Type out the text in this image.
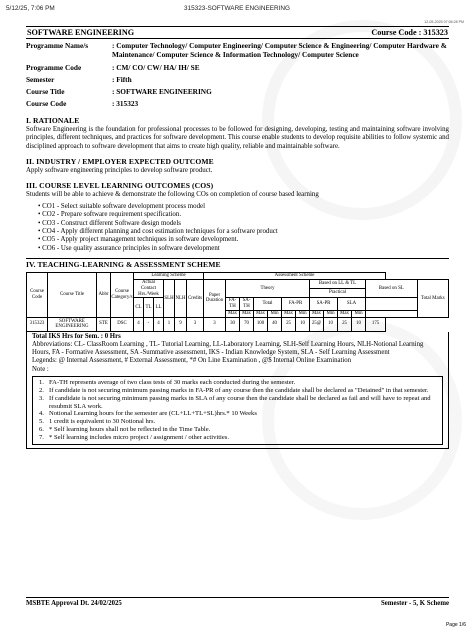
5/12/25, 7:06 PM	315323-SOFTWARE ENGINEERING
12-05-2025 07:06:28 PM
SOFTWARE ENGINEERING	Course Code : 315323
Programme Name/s	: Computer Technology/ Computer Engineering/ Computer Science & Engineering/ Computer Hardware & Maintenance/ Computer Science & Information Technology/ Computer Science
Programme Code	: CM/ CO/ CW/ HA/ IH/ SE
Semester	: Fifth
Course Title	: SOFTWARE ENGINEERING
Course Code	: 315323
I. RATIONALE

Software Engineering is the foundation for professional processes to be followed for designing, developing, testing and maintaining software involving principles, different techniques, and practices for software development. This course enable students to develop requisite abilities to follow systemic and disciplined approach to software development that aims to create high quality, reliable and maintainable software.

II. INDUSTRY / EMPLOYER EXPECTED OUTCOME

Apply software engineering principles to develop software product.

III. COURSE LEVEL LEARNING OUTCOMES (COS)

Students will be able to achieve & demonstrate the following COs on completion of course based learning

• CO1 - Select suitable software development process model
• CO2 - Prepare software requirement specification.
• CO3 - Construct different Software design models
• CO4 - Apply different planning and cost estimation techniques for a software product
• CO5 - Apply project management techniques in software development.
• CO6 - Use quality assurance principles in software development
IV. TEACHING-LEARNING & ASSESSMENT SCHEME
Course Code	Course Title	Abbr	Course Category/s	Learning Scheme						Assessment Scheme												
				Actual Contact Hrs./Week			SLH	NLH	Credits	Paper Duration	Theory						Based on LL & TL				Based on SL	Total Marks
																	Practical					
				CL	TL	LL					FA-TH	SA-TH	Total		FA-PR		SA-PR		SLA			
											Max	Max	Max	Min	Max	Min	Max	Min	Max	Min		
315323	SOFTWARE ENGINEERING	STE	DSC	4	-	4	1	9	3	3	30	70	100	40	25	10	25@	10	25	10	175	
Total IKS Hrs for Sem. : 0 Hrs
Abbreviations: CL- ClassRoom Learning , TL- Tutorial Learning, LL-Laboratory Learning, SLH-Self Learning Hours, NLH-Notional Learning Hours, FA - Formative Assessment, SA -Summative assessment, IKS - Indian Knowledge System, SLA - Self Learning Assessment
Legends: @ Internal Assessment, # External Assessment, *# On Line Examination , @$ Internal Online Examination
Note :
1. FA-TH represents average of two class tests of 30 marks each conducted during the semester.
2. If candidate is not securing minimum passing marks in FA-PR of any course then the candidate shall be declared as "Detained" in that semester.
3. If candidate is not securing minimum passing marks in SLA of any course then the candidate shall be declared as fail and will have to repeat and resubmit SLA work.
4. Notional Learning hours for the semester are (CL+LL+TL+SL)hrs.* 10 Weeks
5. 1 credit is equivalent to 30 Notional hrs.
6. * Self learning hours shall not be reflected in the Time Table.
7. * Self learning includes micro project / assignment / other activities.
MSBTE Approval Dt. 24/02/2025	Semester - 5, K Scheme
Page 1/6
